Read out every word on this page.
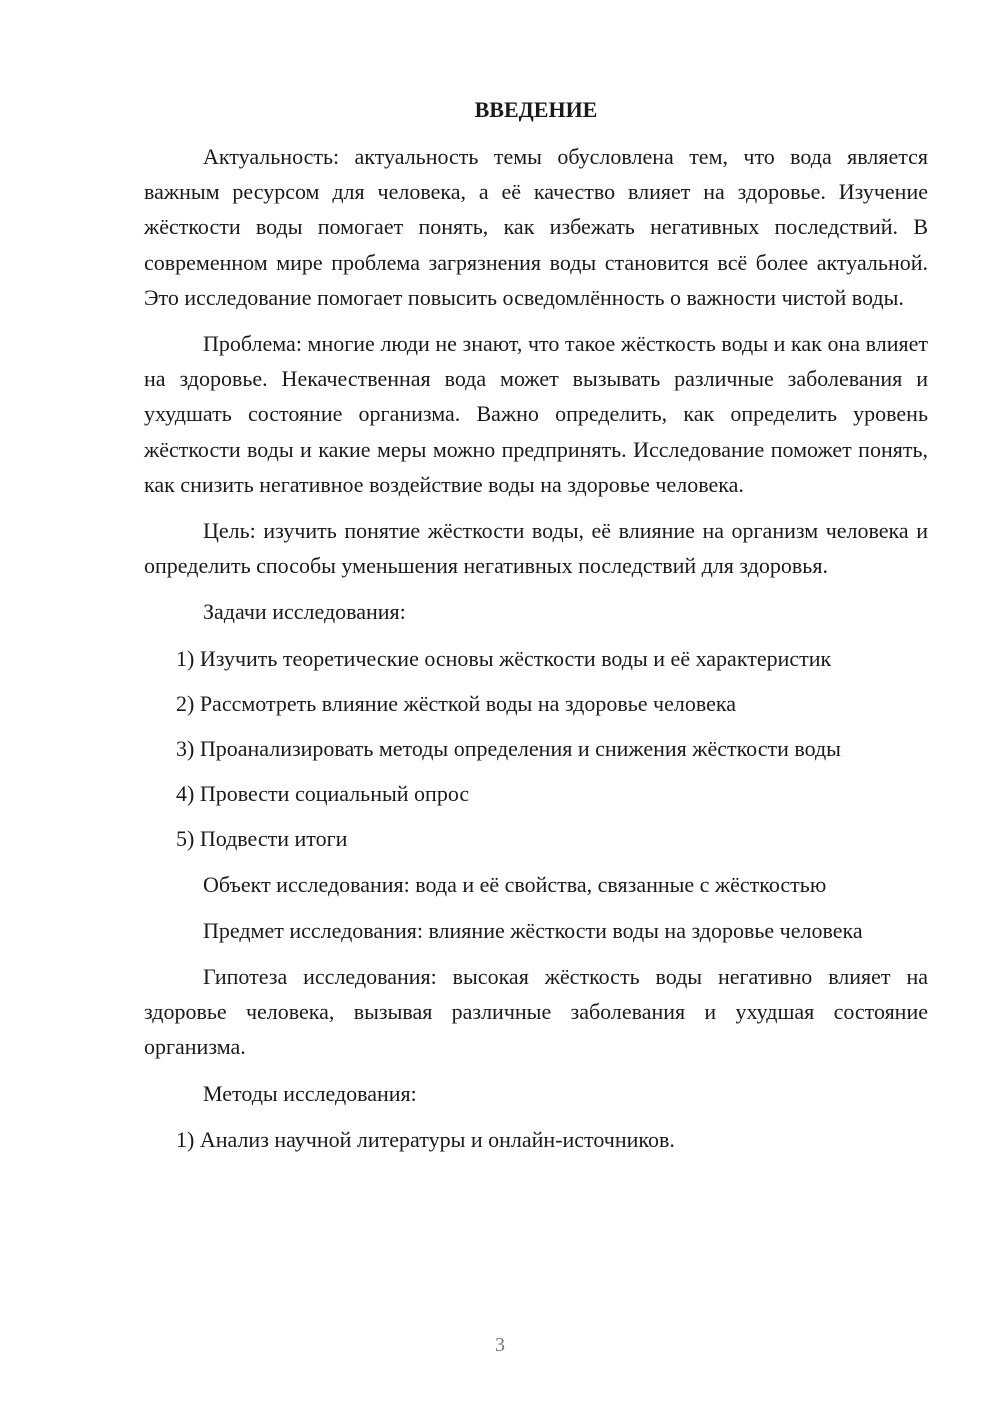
ВВЕДЕНИЕ

Актуальность: актуальность темы обусловлена тем, что вода является важным ресурсом для человека, а её качество влияет на здоровье. Изучение жёсткости воды помогает понять, как избежать негативных последствий. В современном мире проблема загрязнения воды становится всё более актуальной. Это исследование помогает повысить осведомлённость о важности чистой воды.

Проблема: многие люди не знают, что такое жёсткость воды и как она влияет на здоровье. Некачественная вода может вызывать различные заболевания и ухудшать состояние организма. Важно определить, как определить уровень жёсткости воды и какие меры можно предпринять. Исследование поможет понять, как снизить негативное воздействие воды на здоровье человека.

Цель: изучить понятие жёсткости воды, её влияние на организм человека и определить способы уменьшения негативных последствий для здоровья.

Задачи исследования:

1) Изучить теоретические основы жёсткости воды и её характеристик

2) Рассмотреть влияние жёсткой воды на здоровье человека

3) Проанализировать методы определения и снижения жёсткости воды

4) Провести социальный опрос

5) Подвести итоги

Объект исследования: вода и её свойства, связанные с жёсткостью

Предмет исследования: влияние жёсткости воды на здоровье человека

Гипотеза исследования: высокая жёсткость воды негативно влияет на здоровье человека, вызывая различные заболевания и ухудшая состояние организма.

Методы исследования:

1) Анализ научной литературы и онлайн-источников.

3
